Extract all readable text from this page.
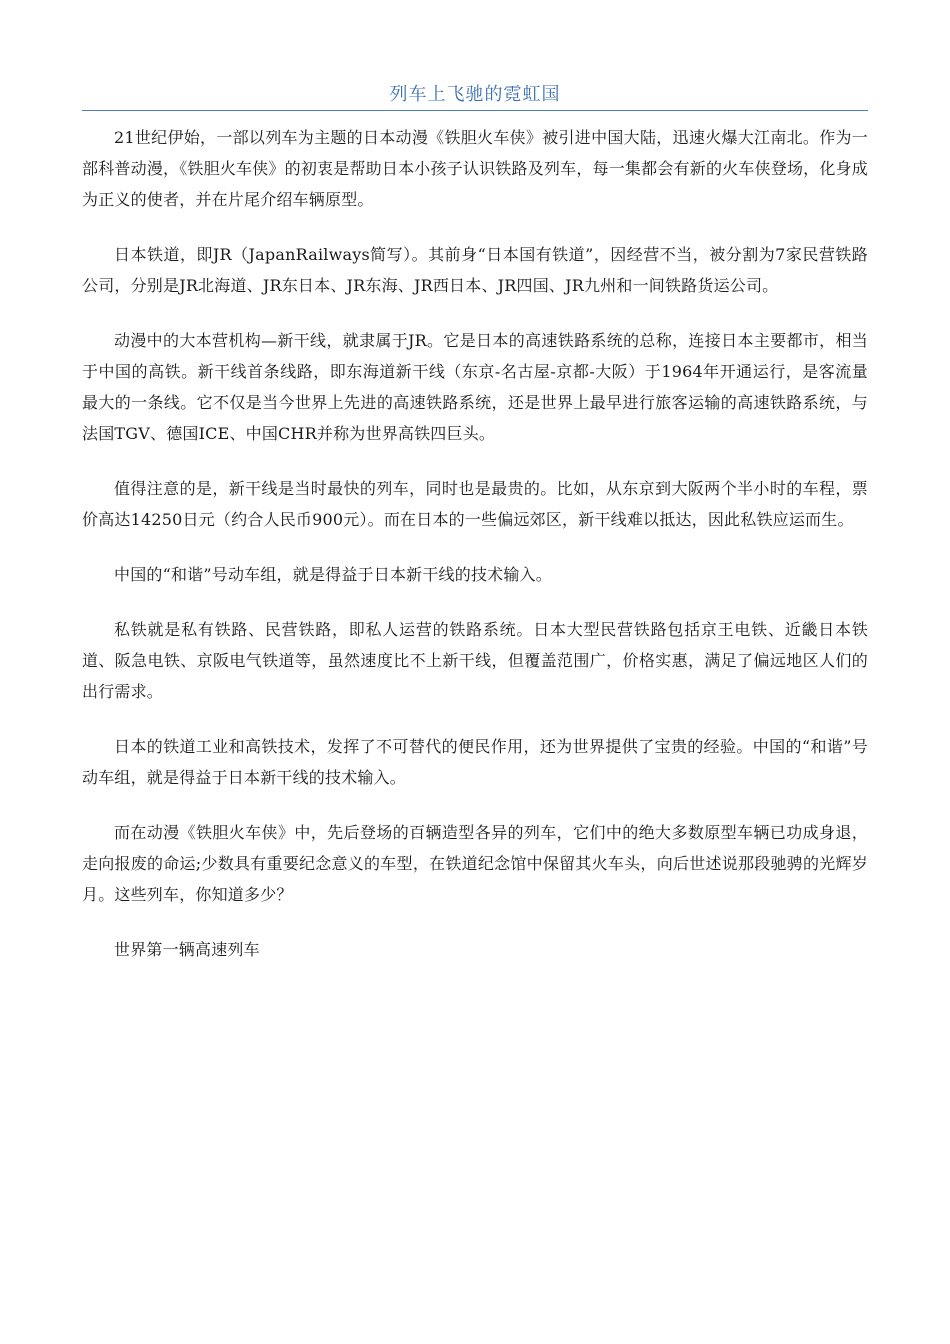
列车上飞驰的霓虹国

21世纪伊始，一部以列车为主题的日本动漫《铁胆火车侠》被引进中国大陆，迅速火爆大江南北。作为一部科普动漫，《铁胆火车侠》的初衷是帮助日本小孩子认识铁路及列车，每一集都会有新的火车侠登场，化身成为正义的使者，并在片尾介绍车辆原型。

日本铁道，即JR（JapanRailways简写）。其前身“日本国有铁道”，因经营不当，被分割为7家民营铁路公司，分别是JR北海道、JR东日本、JR东海、JR西日本、JR四国、JR九州和一间铁路货运公司。

动漫中的大本营机构—新干线，就隶属于JR。它是日本的高速铁路系统的总称，连接日本主要都市，相当于中国的高铁。新干线首条线路，即东海道新干线（东京-名古屋-京都-大阪）于1964年开通运行，是客流量最大的一条线。它不仅是当今世界上先进的高速铁路系统，还是世界上最早进行旅客运输的高速铁路系统，与法国TGV、德国ICE、中国CHR并称为世界高铁四巨头。

值得注意的是，新干线是当时最快的列车，同时也是最贵的。比如，从东京到大阪两个半小时的车程，票价高达14250日元（约合人民币900元）。而在日本的一些偏远郊区，新干线难以抵达，因此私铁应运而生。

中国的“和谐”号动车组，就是得益于日本新干线的技术输入。

私铁就是私有铁路、民营铁路，即私人运营的铁路系统。日本大型民营铁路包括京王电铁、近畿日本铁道、阪急电铁、京阪电气铁道等，虽然速度比不上新干线，但覆盖范围广，价格实惠，满足了偏远地区人们的出行需求。

日本的铁道工业和高铁技术，发挥了不可替代的便民作用，还为世界提供了宝贵的经验。中国的“和谐”号动车组，就是得益于日本新干线的技术输入。

而在动漫《铁胆火车侠》中，先后登场的百辆造型各异的列车，它们中的绝大多数原型车辆已功成身退，走向报废的命运;少数具有重要纪念意义的车型，在铁道纪念馆中保留其火车头，向后世述说那段驰骋的光辉岁月。这些列车，你知道多少？

世界第一辆高速列车
